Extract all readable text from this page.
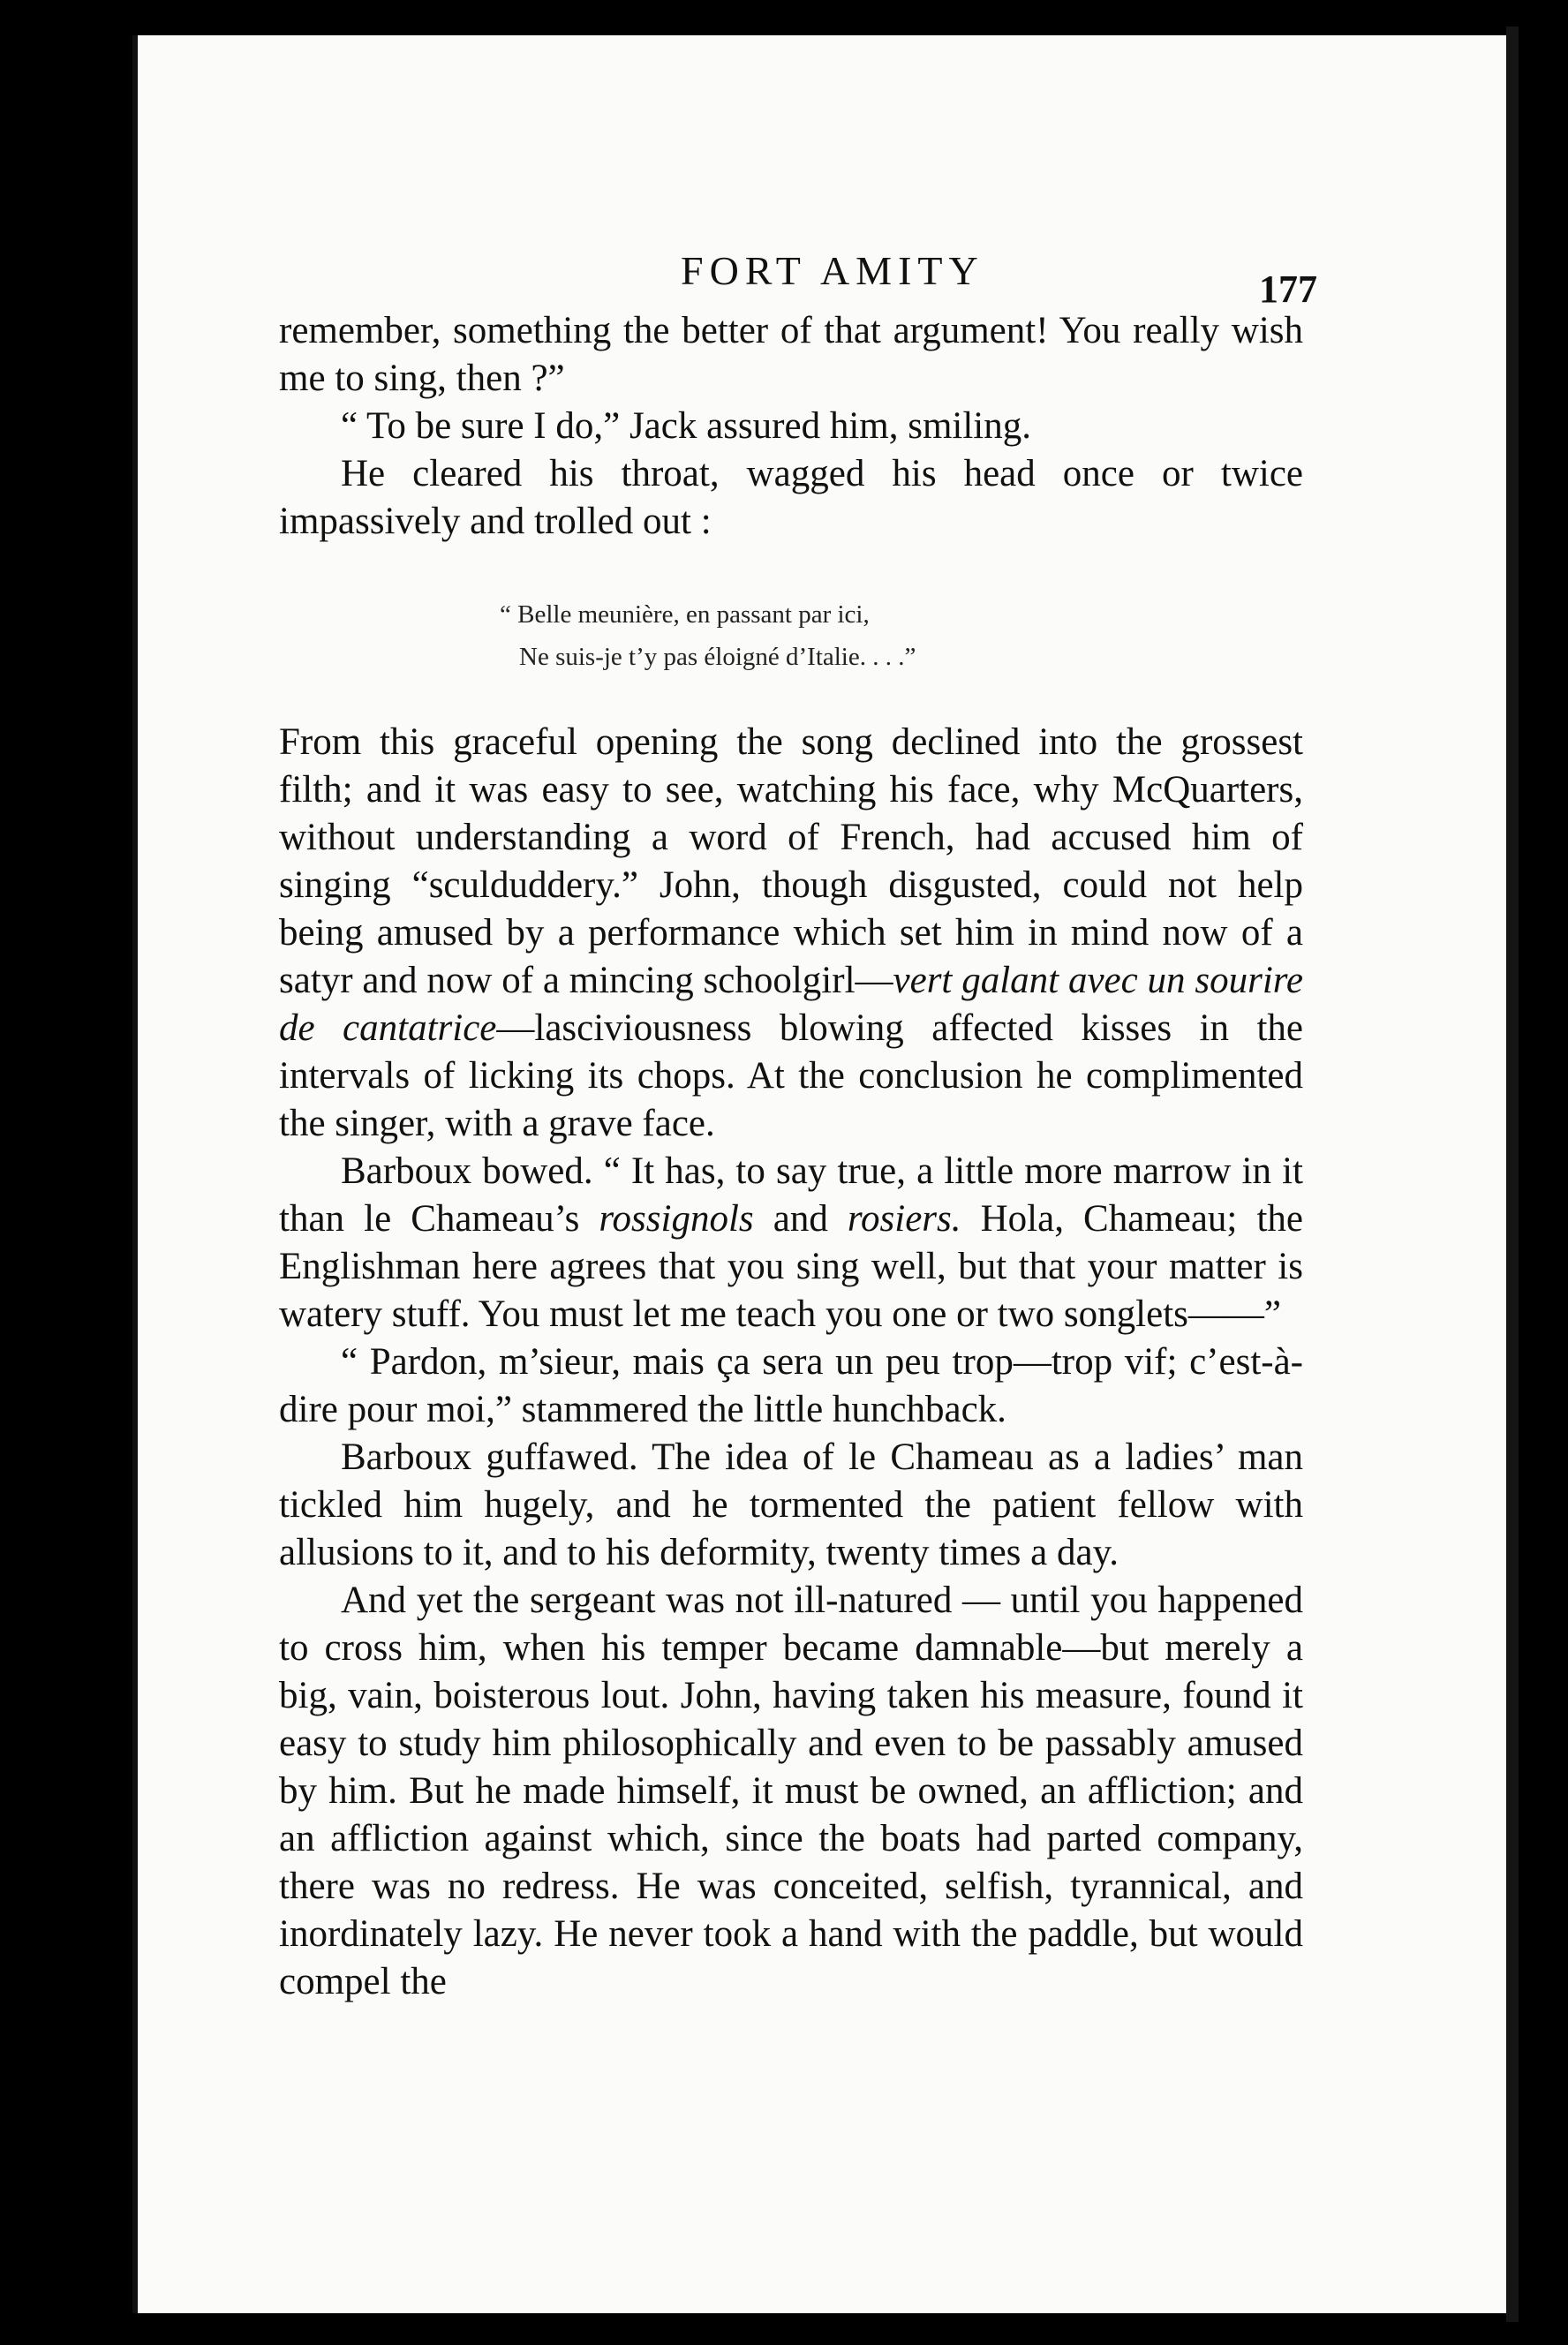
FORT AMITY	177

remember, something the better of that argument! You really wish me to sing, then ?”

“ To be sure I do,” Jack assured him, smiling.

He cleared his throat, wagged his head once or twice impassively and trolled out :

“ Belle meunière, en passant par ici,
Ne suis-je t’y pas éloigné d’Italie. . . .”

From this graceful opening the song declined into the grossest filth; and it was easy to see, watching his face, why McQuarters, without understanding a word of French, had accused him of singing “sculduddery.” John, though disgusted, could not help being amused by a performance which set him in mind now of a satyr and now of a mincing schoolgirl—vert galant avec un sourire de cantatrice—lasciviousness blowing affected kisses in the intervals of licking its chops. At the conclusion he complimented the singer, with a grave face.

Barboux bowed. “ It has, to say true, a little more marrow in it than le Chameau’s rossignols and rosiers. Hola, Chameau; the Englishman here agrees that you sing well, but that your matter is watery stuff. You must let me teach you one or two songlets——”

“ Pardon, m’sieur, mais ça sera un peu trop—trop vif; c’est-à-dire pour moi,” stammered the little hunchback.

Barboux guffawed. The idea of le Chameau as a ladies’ man tickled him hugely, and he tormented the patient fellow with allusions to it, and to his deformity, twenty times a day.

And yet the sergeant was not ill-natured — until you happened to cross him, when his temper became damnable—but merely a big, vain, boisterous lout. John, having taken his measure, found it easy to study him philosophically and even to be passably amused by him. But he made himself, it must be owned, an affliction; and an affliction against which, since the boats had parted company, there was no redress. He was conceited, selfish, tyrannical, and inordinately lazy. He never took a hand with the paddle, but would compel the
